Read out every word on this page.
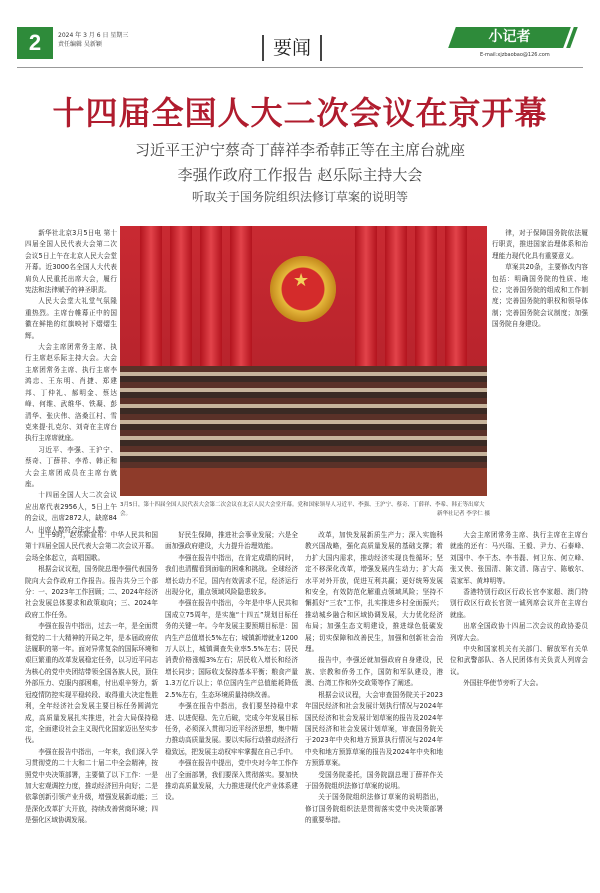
2	2024 年 3 月 6 日 星期三
责任编辑 吴新颖	要闻	小记者
E-mail:xjzbaobao@126.com
十四届全国人大二次会议在京开幕
习近平王沪宁蔡奇丁薛祥李希韩正等在主席台就座
李强作政府工作报告 赵乐际主持大会
听取关于国务院组织法修订草案的说明等

新华社北京3月5日电 第十四届全国人民代表大会第二次会议5日上午在北京人民大会堂开幕。近3000名全国人大代表肩负人民重托出席大会，履行宪法和法律赋予的神圣职责。

人民大会堂大礼堂气氛隆重热烈。主席台帷幕正中的国徽在鲜艳的红旗映衬下熠熠生辉。

大会主席团常务主席、执行主席赵乐际主持大会。大会主席团常务主席、执行主席李鸿忠、王东明、肖捷、郑建邦、丁仲礼、郝明金、蔡达峰、何维、武维华、铁凝、彭清华、张庆伟、洛桑江村、雪克来提·扎克尔、刘奇在主席台执行主席席就座。

习近平、李强、王沪宁、蔡奇、丁薛祥、李希、韩正和大会主席团成员在主席台就座。

十四届全国人大二次会议应出席代表2956人，5日上午的会议，出席2872人，缺席84人，出席人数符合法定人数。

★
3月5日，第十四届全国人民代表大会第二次会议在北京人民大会堂开幕。党和国家领导人习近平、李强、王沪宁、蔡奇、丁薛祥、李希、韩正等出席大会。	新华社记者 李学仁 摄

律，对于保障国务院依法履行职责，推进国家治理体系和治理能力现代化具有重要意义。

草案共20条，主要修改内容包括：明确国务院的性质、地位；完善国务院的组成和工作制度；完善国务院的职权和领导体制；完善国务院会议制度；加强国务院自身建设。

上午9时，赵乐际宣布：中华人民共和国第十四届全国人民代表大会第二次会议开幕。会场全体起立，高唱国歌。

根据会议议程，国务院总理李强代表国务院向大会作政府工作报告。报告共分三个部分：一、2023年工作回顾；二、2024年经济社会发展总体要求和政策取向；三、2024年政府工作任务。

李强在报告中指出，过去一年，是全面贯彻党的二十大精神的开局之年，是本届政府依法履职的第一年。面对异常复杂的国际环境和艰巨繁重的改革发展稳定任务，以习近平同志为核心的党中央团结带领全国各族人民，顶住外部压力、克服内部困难，付出艰辛努力，新冠疫情防控实现平稳转段、取得重大决定性胜利，全年经济社会发展主要目标任务圆满完成，高质量发展扎实推进，社会大局保持稳定，全面建设社会主义现代化国家迈出坚实步伐。

李强在报告中指出，一年来，我们深入学习贯彻党的二十大和二十届二中全会精神，按照党中央决策部署，主要做了以下工作：一是加大宏观调控力度，推动经济回升向好；二是依靠创新引领产业升级，增强发展新动能；三是深化改革扩大开放，持续改善营商环境；四是强化区域协调发展。

好民生保障，推进社会事业发展；六是全面加强政府建设，大力提升治理效能。

李强在报告中指出，在肯定成绩的同时，我们也清醒看到面临的困难和挑战。全球经济增长动力不足，国内有效需求不足，经济运行出现分化，重点领域风险隐患较多。

李强在报告中指出，今年是中华人民共和国成立75周年，是实施“十四五”规划目标任务的关键一年。今年发展主要预期目标是：国内生产总值增长5%左右；城镇新增就业1200万人以上，城镇调查失业率5.5%左右；居民消费价格涨幅3%左右；居民收入增长和经济增长同步；国际收支保持基本平衡；粮食产量1.3万亿斤以上；单位国内生产总值能耗降低2.5%左右，生态环境质量持续改善。

李强在报告中指出，我们要坚持稳中求进、以进促稳、先立后破，完成今年发展目标任务，必须深入贯彻习近平经济思想，集中精力推动高质量发展。要以实际行动推动经济行稳致远，把发展主动权牢牢掌握在自己手中。

李强在报告中提出，党中央对今年工作作出了全面部署，我们要深入贯彻落实。要加快推动高质量发展，大力推进现代化产业体系建设。

改革，加快发展新质生产力；深入实施科教兴国战略，强化高质量发展的基础支撑；着力扩大国内需求，推动经济实现良性循环；坚定不移深化改革，增强发展内生动力；扩大高水平对外开放，促进互利共赢；更好统筹发展和安全，有效防范化解重点领域风险；坚持不懈抓好“三农”工作，扎实推进乡村全面振兴；推动城乡融合和区域协调发展，大力优化经济布局；加强生态文明建设，推进绿色低碳发展；切实保障和改善民生，加强和创新社会治理。

报告中，李强还就加强政府自身建设，民族、宗教和侨务工作，国防和军队建设，港澳、台湾工作和外交政策等作了阐述。

根据会议议程，大会审查国务院关于2023年国民经济和社会发展计划执行情况与2024年国民经济和社会发展计划草案的报告及2024年国民经济和社会发展计划草案，审查国务院关于2023年中央和地方预算执行情况与2024年中央和地方预算草案的报告及2024年中央和地方预算草案。

受国务院委托，国务院副总理丁薛祥作关于国务院组织法修订草案的说明。

关于国务院组织法修订草案的说明指出，修订国务院组织法是贯彻落实党中央决策部署的重要举措。

大会主席团常务主席、执行主席在主席台就座的还有：马兴瑞、王毅、尹力、石泰峰、刘国中、李干杰、李书磊、何卫东、何立峰、张又侠、张国清、陈文清、陈吉宁、陈敏尔、袁家军、黄坤明等。

香港特别行政区行政长官李家超、澳门特别行政区行政长官贺一诚列席会议并在主席台就座。

出席全国政协十四届二次会议的政协委员列席大会。

中央和国家机关有关部门、解放军有关单位和武警部队、各人民团体有关负责人列席会议。

外国驻华使节旁听了大会。
